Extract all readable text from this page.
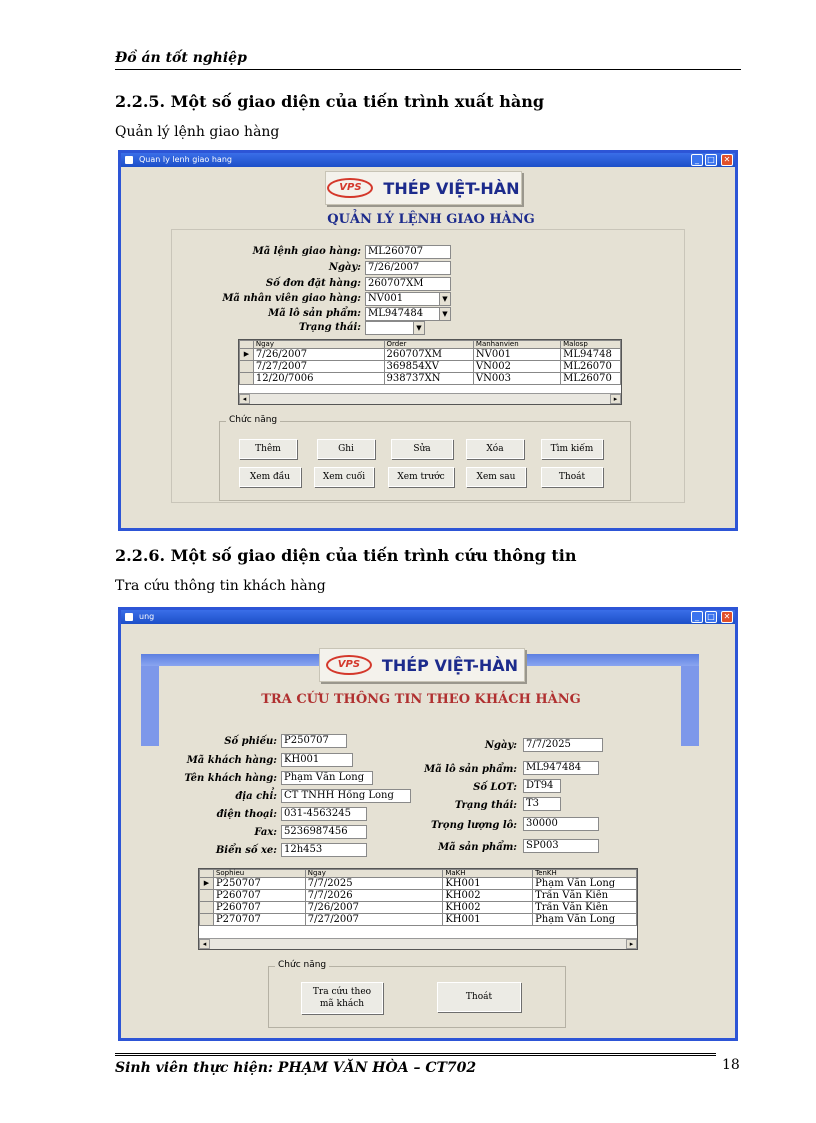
Đồ án tốt nghiệp
2.2.5. Một số giao diện của tiến trình xuất hàng
Quản lý lệnh giao hàng
Quan ly lenh giao hang	_	□	✕
VPS	THÉP VIỆT-HÀN
QUẢN LÝ LỆNH GIAO HÀNG
Mã lệnh giao hàng: ML260707
Ngày: 7/26/2007
Số đơn đặt hàng: 260707XM
Mã nhân viên giao hàng: NV001	▼
Mã lô sản phẩm: ML947484	▼
Trạng thái:	▼
	Ngay	Order	Manhanvien	Malosp
▶	7/26/2007	260707XM	NV001	ML94748
	7/27/2007	369854XV	VN002	ML26070
	12/20/7006	938737XN	VN003	ML26070
◂	▸
Chức năng
Thêm	Ghi	Sửa	Xóa	Tìm kiếm
Xem đầu	Xem cuối	Xem trước	Xem sau	Thoát
2.2.6. Một số giao diện của tiến trình cứu thông tin
Tra cứu thông tin khách hàng
ung	_	□	✕
VPS	THÉP VIỆT-HÀN
TRA CỨU THÔNG TIN THEO KHÁCH HÀNG
Số phiếu: P250707
Mã khách hàng: KH001
Tên khách hàng: Phạm Văn Long
địa chỉ: CT TNHH Hồng Long
điện thoại: 031-4563245
Fax: 5236987456
Biển số xe: 12h453
Ngày: 7/7/2025
Mã lô sản phẩm: ML947484
Số LOT: DT94
Trạng thái: T3
Trọng lượng lô: 30000
Mã sản phẩm: SP003
	Sophieu	Ngay	MaKH	TenKH
▶	P250707	7/7/2025	KH001	Phạm Văn Long
	P260707	7/7/2026	KH002	Trần Văn Kiên
	P260707	7/26/2007	KH002	Trần Văn Kiên
	P270707	7/27/2007	KH001	Phạm Văn Long
◂	▸
Chức năng
Tra cứu theo
mã khách
Thoát
Sinh viên thực hiện: PHẠM VĂN HÒA – CT702	18
